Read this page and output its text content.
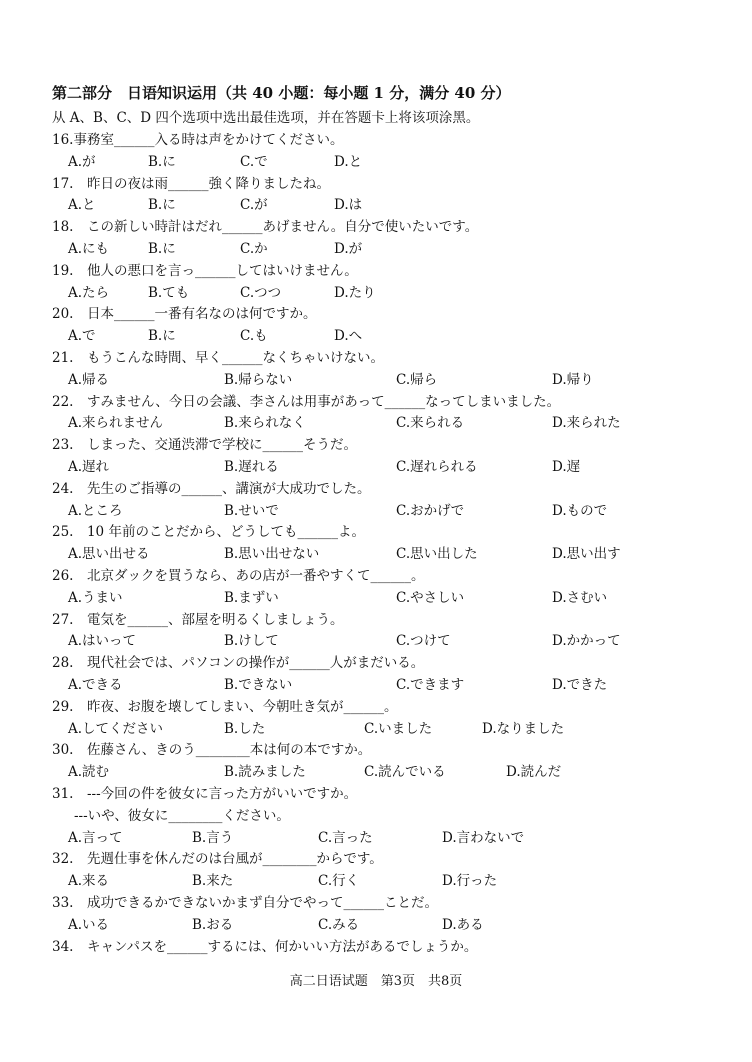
第二部分　日语知识运用（共 40 小题：每小题 1 分，满分 40 分）
从 A、B、C、D 四个选项中选出最佳选项，并在答题卡上将该项涂黑。
16.事務室______入る時は声をかけてください。
A.が	B.に	C.で	D.と
17.　昨日の夜は雨______強く降りましたね。
A.と	B.に	C.が	D.は
18.　この新しい時計はだれ______あげません。自分で使いたいです。
A.にも	B.に	C.か	D.が
19.　他人の悪口を言っ______してはいけません。
A.たら	B.ても	C.つつ	D.たり
20.　日本______一番有名なのは何ですか。
A.で	B.に	C.も	D.へ
21.　もうこんな時間、早く______なくちゃいけない。
A.帰る	B.帰らない	C.帰ら	D.帰り
22.　すみません、今日の会議、李さんは用事があって______なってしまいました。
A.来られません	B.来られなく	C.来られる	D.来られた
23.　しまった、交通渋滞で学校に______そうだ。
A.遅れ	B.遅れる	C.遅れられる	D.遅
24.　先生のご指導の______、講演が大成功でした。
A.ところ	B.せいで	C.おかげで	D.もので
25.　10 年前のことだから、どうしても______よ。
A.思い出せる	B.思い出せない	C.思い出した	D.思い出す
26.　北京ダックを買うなら、あの店が一番やすくて______。
A.うまい	B.まずい	C.やさしい	D.さむい
27.　電気を______、部屋を明るくしましょう。
A.はいって	B.けして	C.つけて	D.かかって
28.　現代社会では、パソコンの操作が______人がまだいる。
A.できる	B.できない	C.できます	D.できた
29.　昨夜、お腹を壊してしまい、今朝吐き気が______。
A.してください	B.した	C.いました	D.なりました
30.　佐藤さん、きのう________本は何の本ですか。
A.読む	B.読みました	C.読んでいる	D.読んだ
31.　---今回の件を彼女に言った方がいいですか。
---いや、彼女に________ください。
A.言って	B.言う	C.言った	D.言わないで
32.　先週仕事を休んだのは台風が________からです。
A.来る	B.来た	C.行く	D.行った
33.　成功できるかできないかまず自分でやって______ことだ。
A.いる	B.おる	C.みる	D.ある
34.　キャンパスを______するには、何かいい方法があるでしょうか。
高二日语试题　第3页　共8页
